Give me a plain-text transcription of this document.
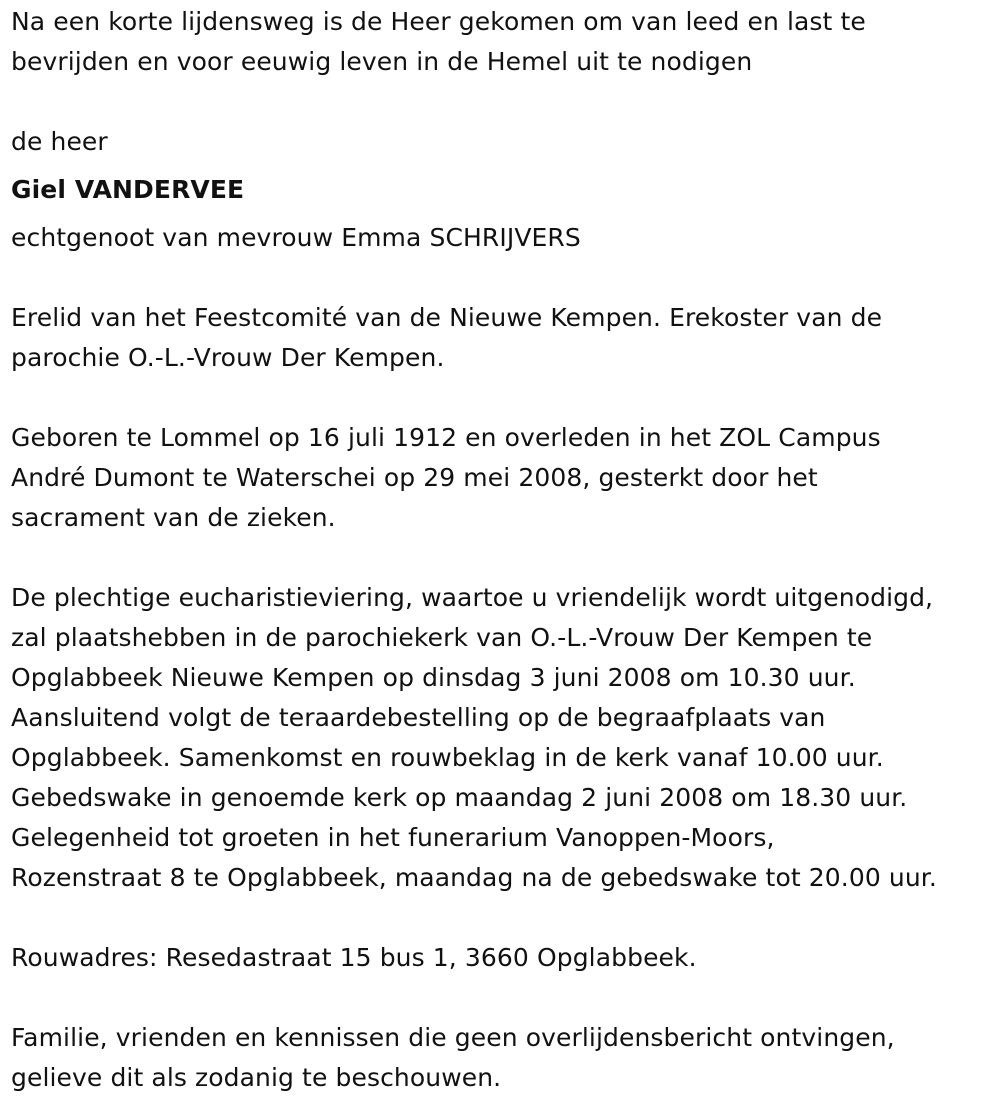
Na een korte lijdensweg is de Heer gekomen om van leed en last te
bevrijden en voor eeuwig leven in de Hemel uit te nodigen
de heer
Giel VANDERVEE
echtgenoot van mevrouw Emma SCHRIJVERS
Erelid van het Feestcomité van de Nieuwe Kempen. Erekoster van de
parochie O.-L.-Vrouw Der Kempen.
Geboren te Lommel op 16 juli 1912 en overleden in het ZOL Campus
André Dumont te Waterschei op 29 mei 2008, gesterkt door het
sacrament van de zieken.
De plechtige eucharistieviering, waartoe u vriendelijk wordt uitgenodigd,
zal plaatshebben in de parochiekerk van O.-L.-Vrouw Der Kempen te
Opglabbeek Nieuwe Kempen op dinsdag 3 juni 2008 om 10.30 uur.
Aansluitend volgt de teraardebestelling op de begraafplaats van
Opglabbeek. Samenkomst en rouwbeklag in de kerk vanaf 10.00 uur.
Gebedswake in genoemde kerk op maandag 2 juni 2008 om 18.30 uur.
Gelegenheid tot groeten in het funerarium Vanoppen-Moors,
Rozenstraat 8 te Opglabbeek, maandag na de gebedswake tot 20.00 uur.
Rouwadres: Resedastraat 15 bus 1, 3660 Opglabbeek.
Familie, vrienden en kennissen die geen overlijdensbericht ontvingen,
gelieve dit als zodanig te beschouwen.
